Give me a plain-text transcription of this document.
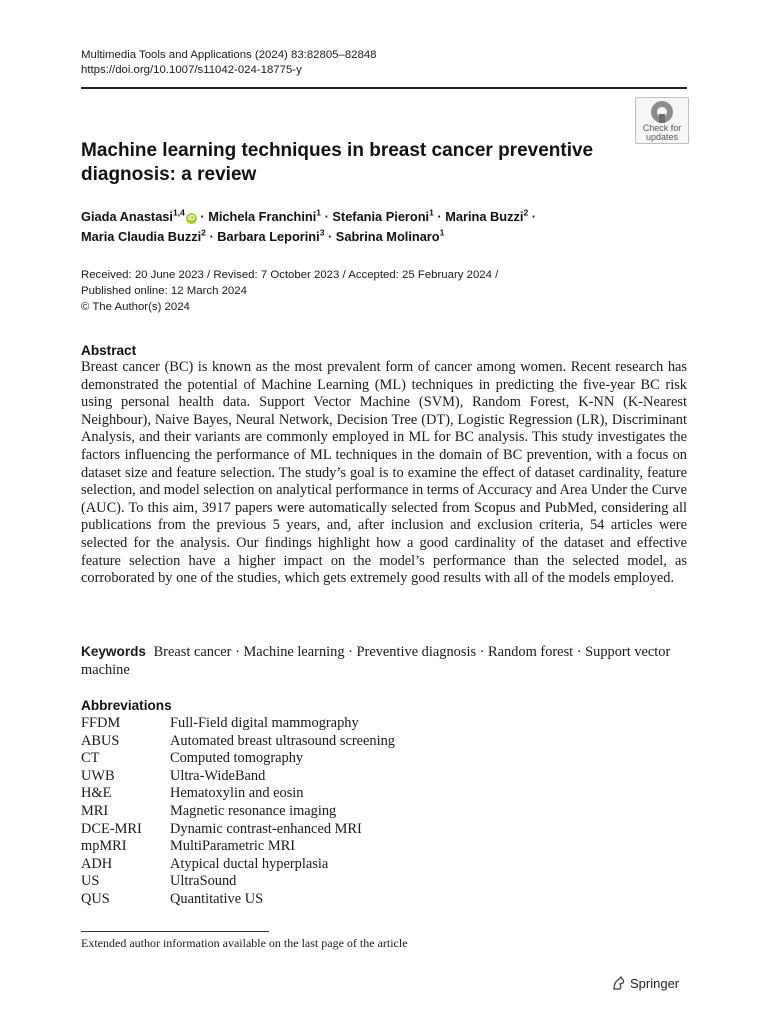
Multimedia Tools and Applications (2024) 83:82805–82848
https://doi.org/10.1007/s11042-024-18775-y
Check for
updates
Machine learning techniques in breast cancer preventive diagnosis: a review
Giada Anastasi$^{1,4}$iD · Michela Franchini$^1$ · Stefania Pieroni$^1$ · Marina Buzzi$^2$ ·
Maria Claudia Buzzi$^2$ · Barbara Leporini$^3$ · Sabrina Molinaro$^1$
Received: 20 June 2023 / Revised: 7 October 2023 / Accepted: 25 February 2024 /
Published online: 12 March 2024
© The Author(s) 2024
Abstract

Breast cancer (BC) is known as the most prevalent form of cancer among women. Recent research has demonstrated the potential of Machine Learning (ML) techniques in predicting the five-year BC risk using personal health data. Support Vector Machine (SVM), Random Forest, K-NN (K-Nearest Neighbour), Naive Bayes, Neural Network, Decision Tree (DT), Logistic Regression (LR), Discriminant Analysis, and their variants are commonly employed in ML for BC analysis. This study investigates the factors influencing the performance of ML techniques in the domain of BC prevention, with a focus on dataset size and feature selection. The study’s goal is to examine the effect of dataset cardinality, feature selection, and model selection on analytical performance in terms of Accuracy and Area Under the Curve (AUC). To this aim, 3917 papers were automatically selected from Scopus and PubMed, considering all publications from the previous 5 years, and, after inclusion and exclusion criteria, 54 articles were selected for the analysis. Our findings highlight how a good cardinality of the dataset and effective feature selection have a higher impact on the model’s performance than the selected model, as corroborated by one of the studies, which gets extremely good results with all of the models employed.

Keywords Breast cancer · Machine learning · Preventive diagnosis · Random forest · Support vector machine
Abbreviations
FFDM	Full-Field digital mammography
ABUS	Automated breast ultrasound screening
CT	Computed tomography
UWB	Ultra-WideBand
H&E	Hematoxylin and eosin
MRI	Magnetic resonance imaging
DCE-MRI Dynamic contrast-enhanced MRI
mpMRI	MultiParametric MRI
ADH	Atypical ductal hyperplasia
US	UltraSound
QUS	Quantitative US
Extended author information available on the last page of the article
Springer
